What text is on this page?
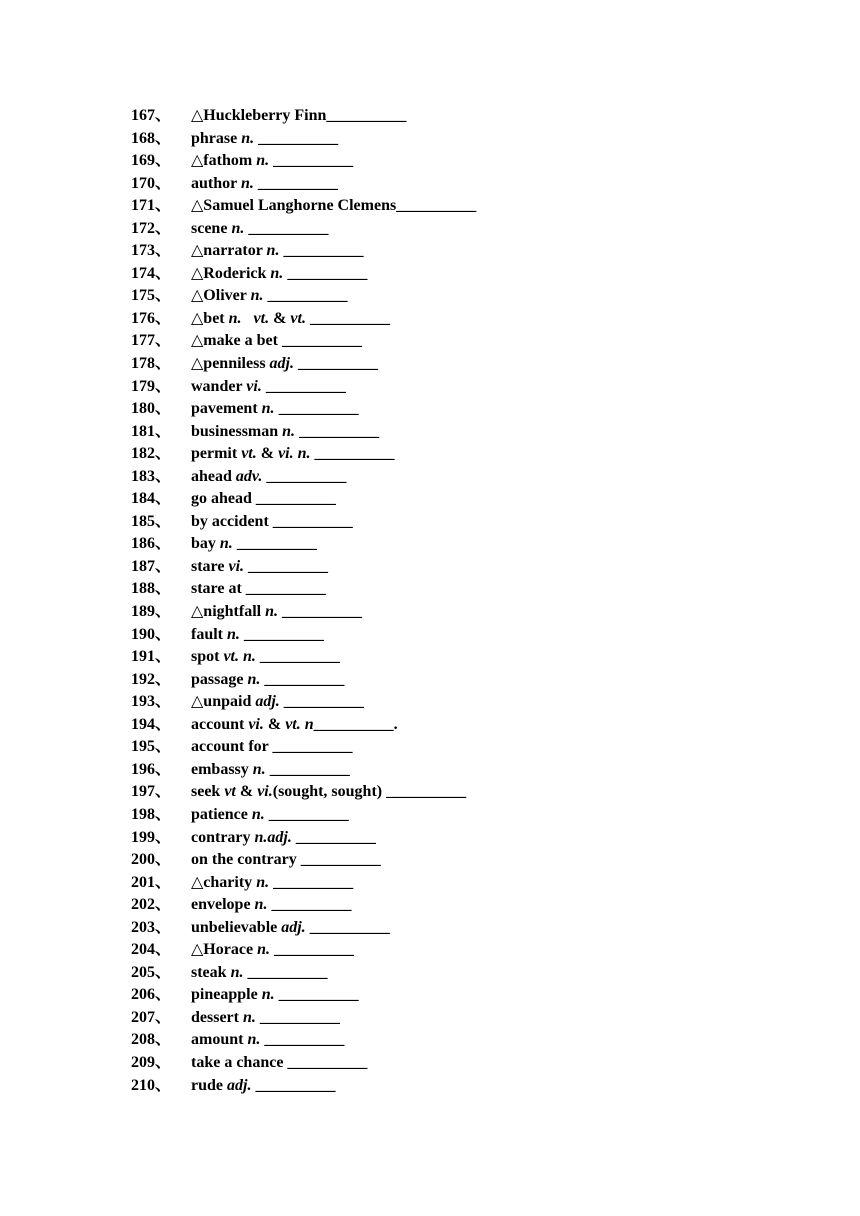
167、	△Huckleberry Finn__________
168、	phrase n. __________
169、	△fathom n. __________
170、	author n. __________
171、	△Samuel Langhorne Clemens__________
172、	scene n. __________
173、	△narrator n. __________
174、	△Roderick n. __________
175、	△Oliver n. __________
176、	△bet n. vt. & vt. __________
177、	△make a bet __________
178、	△penniless adj. __________
179、	wander vi. __________
180、	pavement n. __________
181、	businessman n. __________
182、	permit vt. & vi. n. __________
183、	ahead adv. __________
184、	go ahead __________
185、	by accident __________
186、	bay n. __________
187、	stare vi. __________
188、	stare at __________
189、	△nightfall n. __________
190、	fault n. __________
191、	spot vt. n. __________
192、	passage n. __________
193、	△unpaid adj. __________
194、	account vi. & vt. n__________.
195、	account for __________
196、	embassy n. __________
197、	seek vt & vi.(sought, sought) __________
198、	patience n. __________
199、	contrary n.adj. __________
200、	on the contrary __________
201、	△charity n. __________
202、	envelope n. __________
203、	unbelievable adj. __________
204、	△Horace n. __________
205、	steak n. __________
206、	pineapple n. __________
207、	dessert n. __________
208、	amount n. __________
209、	take a chance __________
210、	rude adj. __________
